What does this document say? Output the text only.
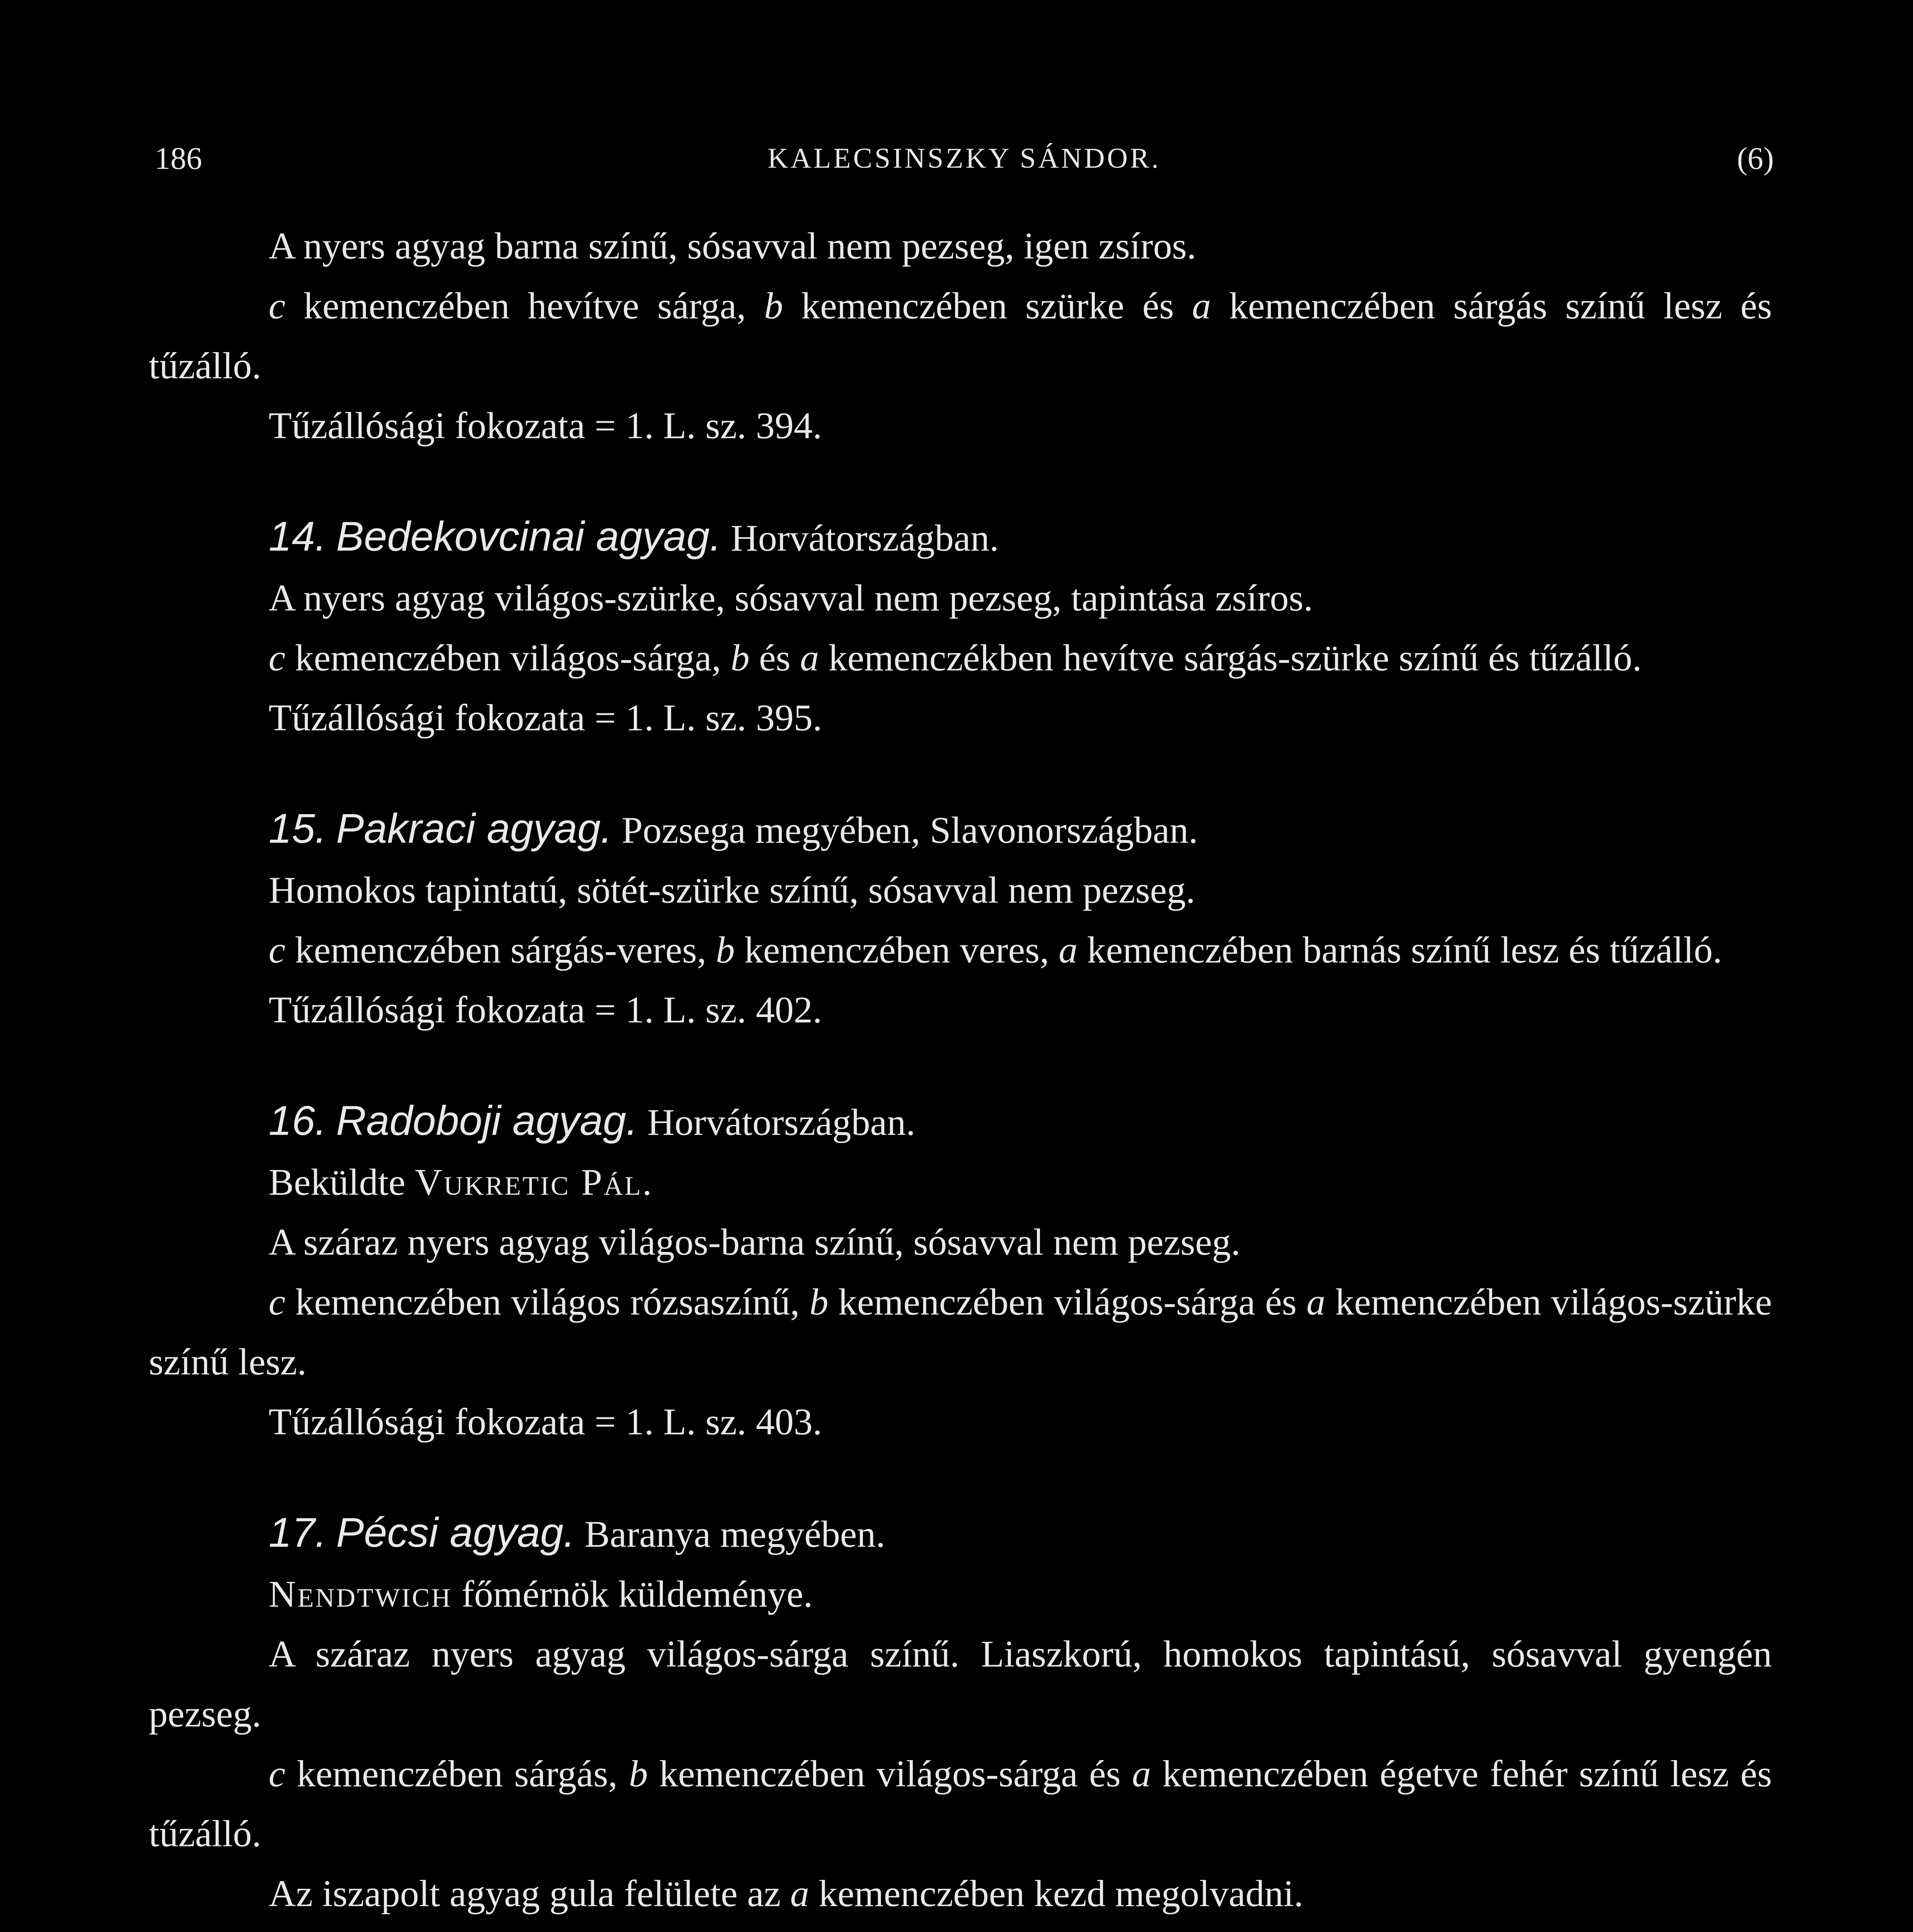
186	KALECSINSZKY SÁNDOR.	(6)

A nyers agyag barna színű, sósavval nem pezseg, igen zsíros.

c kemenczében hevítve sárga, b kemenczében szürke és a kemenczében sárgás színű lesz és tűzálló.

Tűzállósági fokozata = 1. L. sz. 394.

14. Bedekovcinai agyag. Horvátországban.

A nyers agyag világos-szürke, sósavval nem pezseg, tapintása zsíros.

c kemenczében világos-sárga, b és a kemenczékben hevítve sárgás-szürke színű és tűzálló.

Tűzállósági fokozata = 1. L. sz. 395.

15. Pakraci agyag. Pozsega megyében, Slavonországban.

Homokos tapintatú, sötét-szürke színű, sósavval nem pezseg.

c kemenczében sárgás-veres, b kemenczében veres, a kemenczében barnás színű lesz és tűzálló.

Tűzállósági fokozata = 1. L. sz. 402.

16. Radoboji agyag. Horvátországban.

Beküldte Vukretic Pál.

A száraz nyers agyag világos-barna színű, sósavval nem pezseg.

c kemenczében világos rózsaszínű, b kemenczében világos-sárga és a kemenczében világos-szürke színű lesz.

Tűzállósági fokozata = 1. L. sz. 403.

17. Pécsi agyag. Baranya megyében.

Nendtwich főmérnök küldeménye.

A száraz nyers agyag világos-sárga színű. Liaszkorú, homokos tapintású, sósavval gyengén pezseg.

c kemenczében sárgás, b kemenczében világos-sárga és a kemenczében égetve fehér színű lesz és tűzálló.

Az iszapolt agyag gula felülete az a kemenczében kezd megolvadni.
